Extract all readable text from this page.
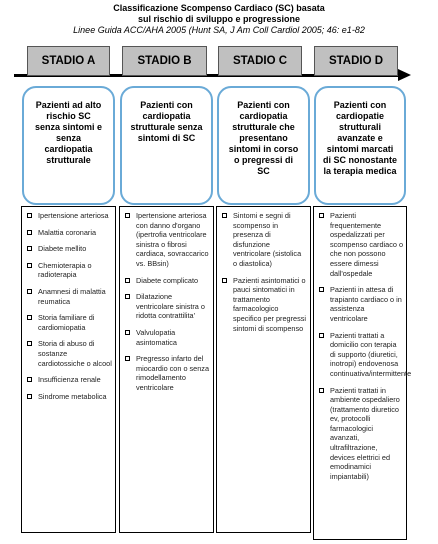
Classificazione Scompenso Cardiaco (SC) basata
sul rischio di sviluppo e progressione
Linee Guida ACC/AHA 2005 (Hunt SA, J Am Coll Cardiol 2005; 46: e1-82
STADIO A	STADIO B	STADIO C	STADIO D
Pazienti ad alto rischio SC senza sintomi e senza cardiopatia strutturale
Pazienti con cardiopatia strutturale senza sintomi di SC
Pazienti con cardiopatia strutturale che presentano sintomi in corso o pregressi di SC
Pazienti con cardiopatie strutturali avanzate e sintomi marcati di SC nonostante la terapia medica
Ipertensione arteriosa
Malattia coronaria
Diabete mellito
Chemioterapia o radioterapia
Anamnesi di malattia reumatica
Storia familiare di cardiomiopatia
Storia di abuso di sostanze cardiotossiche o alcool
Insufficienza renale
Sindrome metabolica
Ipertensione arteriosa con danno d'organo (ipertrofia ventricolare sinistra o fibrosi cardiaca, sovraccarico vs. BBsin)
Diabete complicato
Dilatazione ventricolare sinistra o ridotta contrattilita'
Valvulopatia asintomatica
Pregresso infarto del miocardio con o senza rimodellamento ventricolare
Sintomi e segni di scompenso in presenza di disfunzione ventricolare (sistolica o diastolica)
Pazienti asintomatici o pauci sintomatici in trattamento farmacologico specifico per pregressi sintomi di scompenso
Pazienti frequentemente ospedalizzati per scompenso cardiaco o che non possono essere dimessi dall'ospedale
Pazienti in attesa di trapianto cardiaco o in assistenza ventricolare
Pazienti trattati a domicilio con terapia di supporto (diuretici, inotropi) endovenosa continuativa/intermittente
Pazienti trattati in ambiente ospedaliero (trattamento diuretico ev, protocolli farmacologici avanzati, ultrafiltrazione, devices elettrici ed emodinamici impiantabili)
